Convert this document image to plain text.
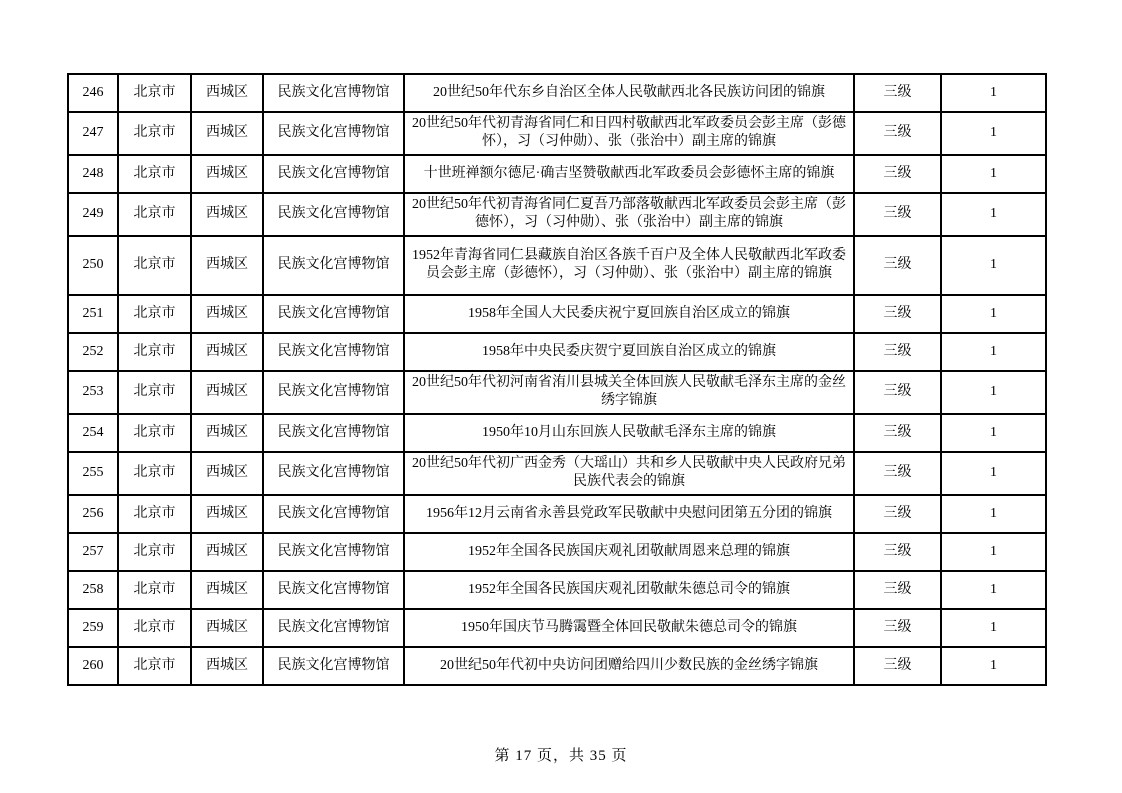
246	北京市	西城区	民族文化宫博物馆	20世纪50年代东乡自治区全体人民敬献西北各民族访问团的锦旗	三级	1
247	北京市	西城区	民族文化宫博物馆	20世纪50年代初青海省同仁和日四村敬献西北军政委员会彭主席（彭德怀），习（习仲勋）、张（张治中）副主席的锦旗	三级	1
248	北京市	西城区	民族文化宫博物馆	十世班禅额尔德尼·确吉坚赞敬献西北军政委员会彭德怀主席的锦旗	三级	1
249	北京市	西城区	民族文化宫博物馆	20世纪50年代初青海省同仁夏吾乃部落敬献西北军政委员会彭主席（彭德怀），习（习仲勋）、张（张治中）副主席的锦旗	三级	1
250	北京市	西城区	民族文化宫博物馆	1952年青海省同仁县藏族自治区各族千百户及全体人民敬献西北军政委员会彭主席（彭德怀），习（习仲勋）、张（张治中）副主席的锦旗	三级	1
251	北京市	西城区	民族文化宫博物馆	1958年全国人大民委庆祝宁夏回族自治区成立的锦旗	三级	1
252	北京市	西城区	民族文化宫博物馆	1958年中央民委庆贺宁夏回族自治区成立的锦旗	三级	1
253	北京市	西城区	民族文化宫博物馆	20世纪50年代初河南省洧川县城关全体回族人民敬献毛泽东主席的金丝绣字锦旗	三级	1
254	北京市	西城区	民族文化宫博物馆	1950年10月山东回族人民敬献毛泽东主席的锦旗	三级	1
255	北京市	西城区	民族文化宫博物馆	20世纪50年代初广西金秀（大瑶山）共和乡人民敬献中央人民政府兄弟民族代表会的锦旗	三级	1
256	北京市	西城区	民族文化宫博物馆	1956年12月云南省永善县党政军民敬献中央慰问团第五分团的锦旗	三级	1
257	北京市	西城区	民族文化宫博物馆	1952年全国各民族国庆观礼团敬献周恩来总理的锦旗	三级	1
258	北京市	西城区	民族文化宫博物馆	1952年全国各民族国庆观礼团敬献朱德总司令的锦旗	三级	1
259	北京市	西城区	民族文化宫博物馆	1950年国庆节马腾霭暨全体回民敬献朱德总司令的锦旗	三级	1
260	北京市	西城区	民族文化宫博物馆	20世纪50年代初中央访问团赠给四川少数民族的金丝绣字锦旗	三级	1
第 17 页，共 35 页
